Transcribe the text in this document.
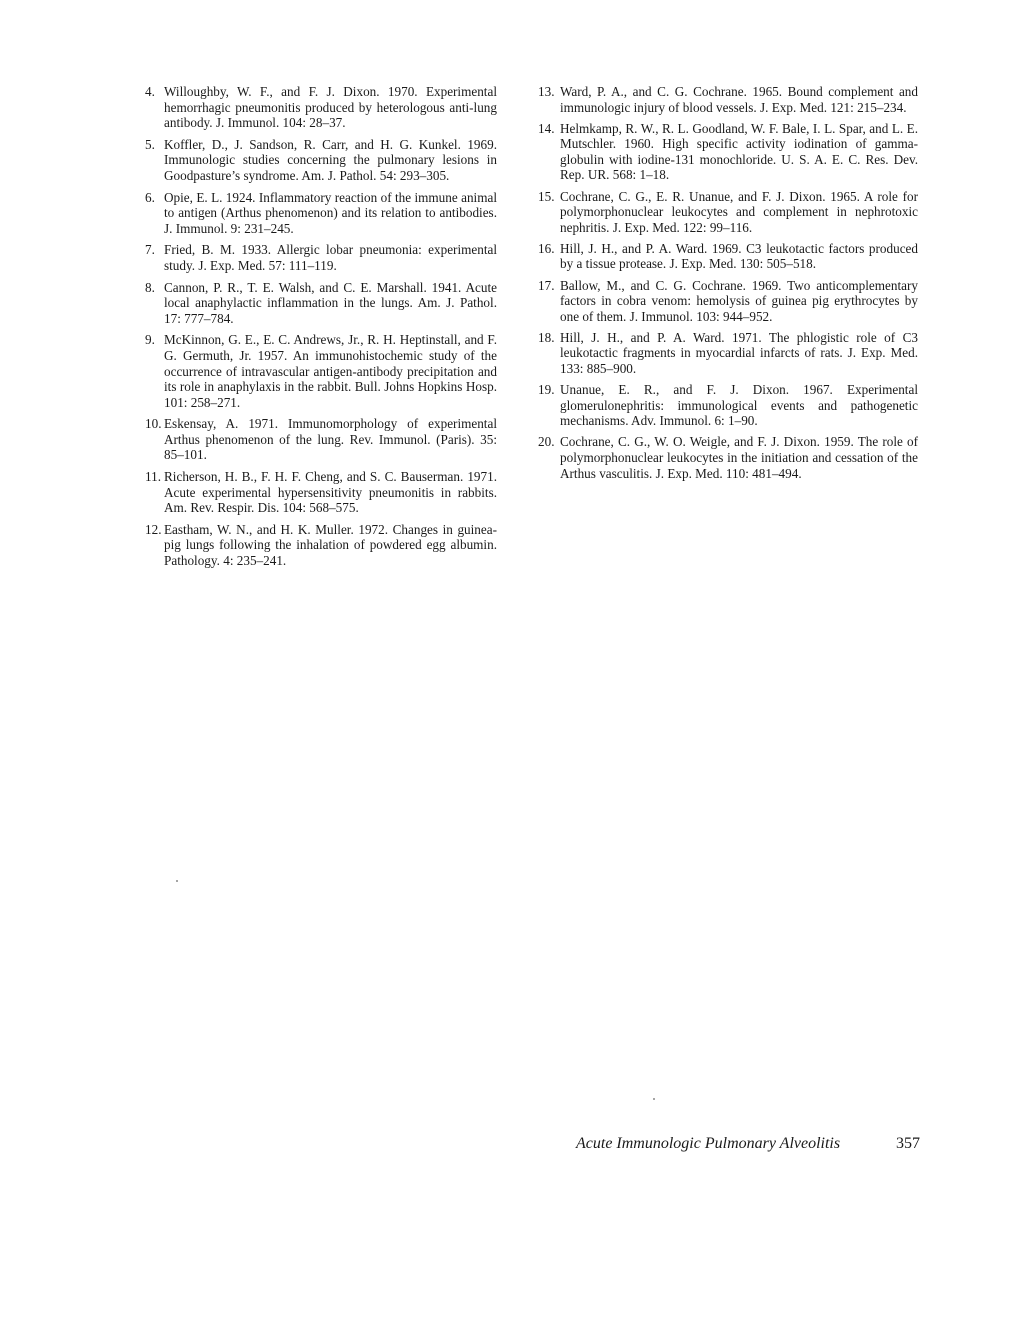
4. Willoughby, W. F., and F. J. Dixon. 1970. Experimental hemorrhagic pneumonitis produced by heterologous anti-lung antibody. J. Immunol. 104: 28–37.
5. Koffler, D., J. Sandson, R. Carr, and H. G. Kunkel. 1969. Immunologic studies concerning the pulmonary lesions in Goodpasture’s syndrome. Am. J. Pathol. 54: 293–305.
6. Opie, E. L. 1924. Inflammatory reaction of the immune animal to antigen (Arthus phenomenon) and its relation to antibodies. J. Immunol. 9: 231–245.
7. Fried, B. M. 1933. Allergic lobar pneumonia: experimental study. J. Exp. Med. 57: 111–119.
8. Cannon, P. R., T. E. Walsh, and C. E. Marshall. 1941. Acute local anaphylactic inflammation in the lungs. Am. J. Pathol. 17: 777–784.
9. McKinnon, G. E., E. C. Andrews, Jr., R. H. Heptinstall, and F. G. Germuth, Jr. 1957. An immunohistochemic study of the occurrence of intravascular antigen-antibody precipitation and its role in anaphylaxis in the rabbit. Bull. Johns Hopkins Hosp. 101: 258–271.
10. Eskensay, A. 1971. Immunomorphology of experimental Arthus phenomenon of the lung. Rev. Immunol. (Paris). 35: 85–101.
11. Richerson, H. B., F. H. F. Cheng, and S. C. Bauserman. 1971. Acute experimental hypersensitivity pneumonitis in rabbits. Am. Rev. Respir. Dis. 104: 568–575.
12. Eastham, W. N., and H. K. Muller. 1972. Changes in guinea-pig lungs following the inhalation of powdered egg albumin. Pathology. 4: 235–241.
13. Ward, P. A., and C. G. Cochrane. 1965. Bound complement and immunologic injury of blood vessels. J. Exp. Med. 121: 215–234.
14. Helmkamp, R. W., R. L. Goodland, W. F. Bale, I. L. Spar, and L. E. Mutschler. 1960. High specific activity iodination of gamma-globulin with iodine-131 monochloride. U. S. A. E. C. Res. Dev. Rep. UR. 568: 1–18.
15. Cochrane, C. G., E. R. Unanue, and F. J. Dixon. 1965. A role for polymorphonuclear leukocytes and complement in nephrotoxic nephritis. J. Exp. Med. 122: 99–116.
16. Hill, J. H., and P. A. Ward. 1969. C3 leukotactic factors produced by a tissue protease. J. Exp. Med. 130: 505–518.
17. Ballow, M., and C. G. Cochrane. 1969. Two anticomplementary factors in cobra venom: hemolysis of guinea pig erythrocytes by one of them. J. Immunol. 103: 944–952.
18. Hill, J. H., and P. A. Ward. 1971. The phlogistic role of C3 leukotactic fragments in myocardial infarcts of rats. J. Exp. Med. 133: 885–900.
19. Unanue, E. R., and F. J. Dixon. 1967. Experimental glomerulonephritis: immunological events and pathogenetic mechanisms. Adv. Immunol. 6: 1–90.
20. Cochrane, C. G., W. O. Weigle, and F. J. Dixon. 1959. The role of polymorphonuclear leukocytes in the initiation and cessation of the Arthus vasculitis. J. Exp. Med. 110: 481–494.
Acute Immunologic Pulmonary Alveolitis	357
